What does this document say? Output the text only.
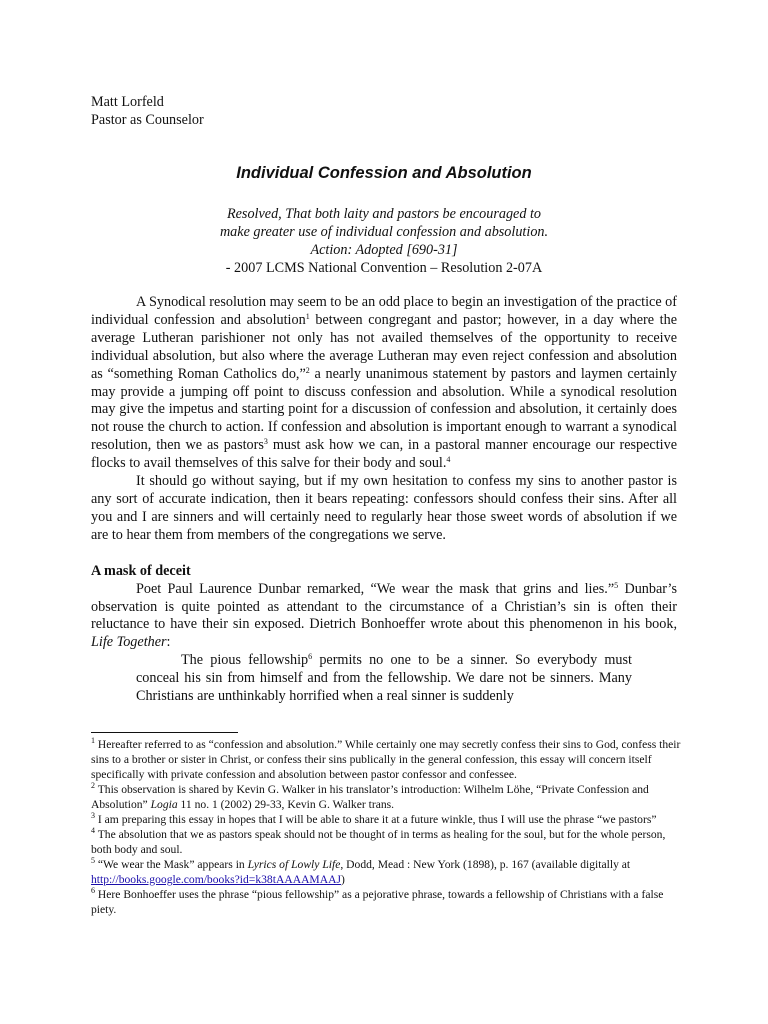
Matt Lorfeld
Pastor as Counselor
Individual Confession and Absolution
Resolved, That both laity and pastors be encouraged to
make greater use of individual confession and absolution.
Action: Adopted [690-31]
- 2007 LCMS National Convention – Resolution 2-07A

A Synodical resolution may seem to be an odd place to begin an investigation of the practice of individual confession and absolution$^1$ between congregant and pastor; however, in a day where the average Lutheran parishioner not only has not availed themselves of the opportunity to receive individual absolution, but also where the average Lutheran may even reject confession and absolution as “something Roman Catholics do,”$^2$ a nearly unanimous statement by pastors and laymen certainly may provide a jumping off point to discuss confession and absolution. While a synodical resolution may give the impetus and starting point for a discussion of confession and absolution, it certainly does not rouse the church to action. If confession and absolution is important enough to warrant a synodical resolution, then we as pastors$^3$ must ask how we can, in a pastoral manner encourage our respective flocks to avail themselves of this salve for their body and soul.$^4$

It should go without saying, but if my own hesitation to confess my sins to another pastor is any sort of accurate indication, then it bears repeating: confessors should confess their sins. After all you and I are sinners and will certainly need to regularly hear those sweet words of absolution if we are to hear them from members of the congregations we serve.

A mask of deceit

Poet Paul Laurence Dunbar remarked, “We wear the mask that grins and lies.”$^5$ Dunbar’s observation is quite pointed as attendant to the circumstance of a Christian’s sin is often their reluctance to have their sin exposed. Dietrich Bonhoeffer wrote about this phenomenon in his book, Life Together:

The pious fellowship$^6$ permits no one to be a sinner. So everybody must conceal his sin from himself and from the fellowship. We dare not be sinners. Many Christians are unthinkably horrified when a real sinner is suddenly

$^1$ Hereafter referred to as “confession and absolution.” While certainly one may secretly confess their sins to God, confess their sins to a brother or sister in Christ, or confess their sins publically in the general confession, this essay will concern itself specifically with private confession and absolution between pastor confessor and confessee.

$^2$ This observation is shared by Kevin G. Walker in his translator’s introduction: Wilhelm Löhe, “Private Confession and Absolution” Logia 11 no. 1 (2002) 29-33, Kevin G. Walker trans.

$^3$ I am preparing this essay in hopes that I will be able to share it at a future winkle, thus I will use the phrase “we pastors”

$^4$ The absolution that we as pastors speak should not be thought of in terms as healing for the soul, but for the whole person, both body and soul.

$^5$ “We wear the Mask” appears in Lyrics of Lowly Life, Dodd, Mead : New York (1898), p. 167 (available digitally at http://books.google.com/books?id=k38tAAAAMAAJ)

$^6$ Here Bonhoeffer uses the phrase “pious fellowship” as a pejorative phrase, towards a fellowship of Christians with a false piety.
